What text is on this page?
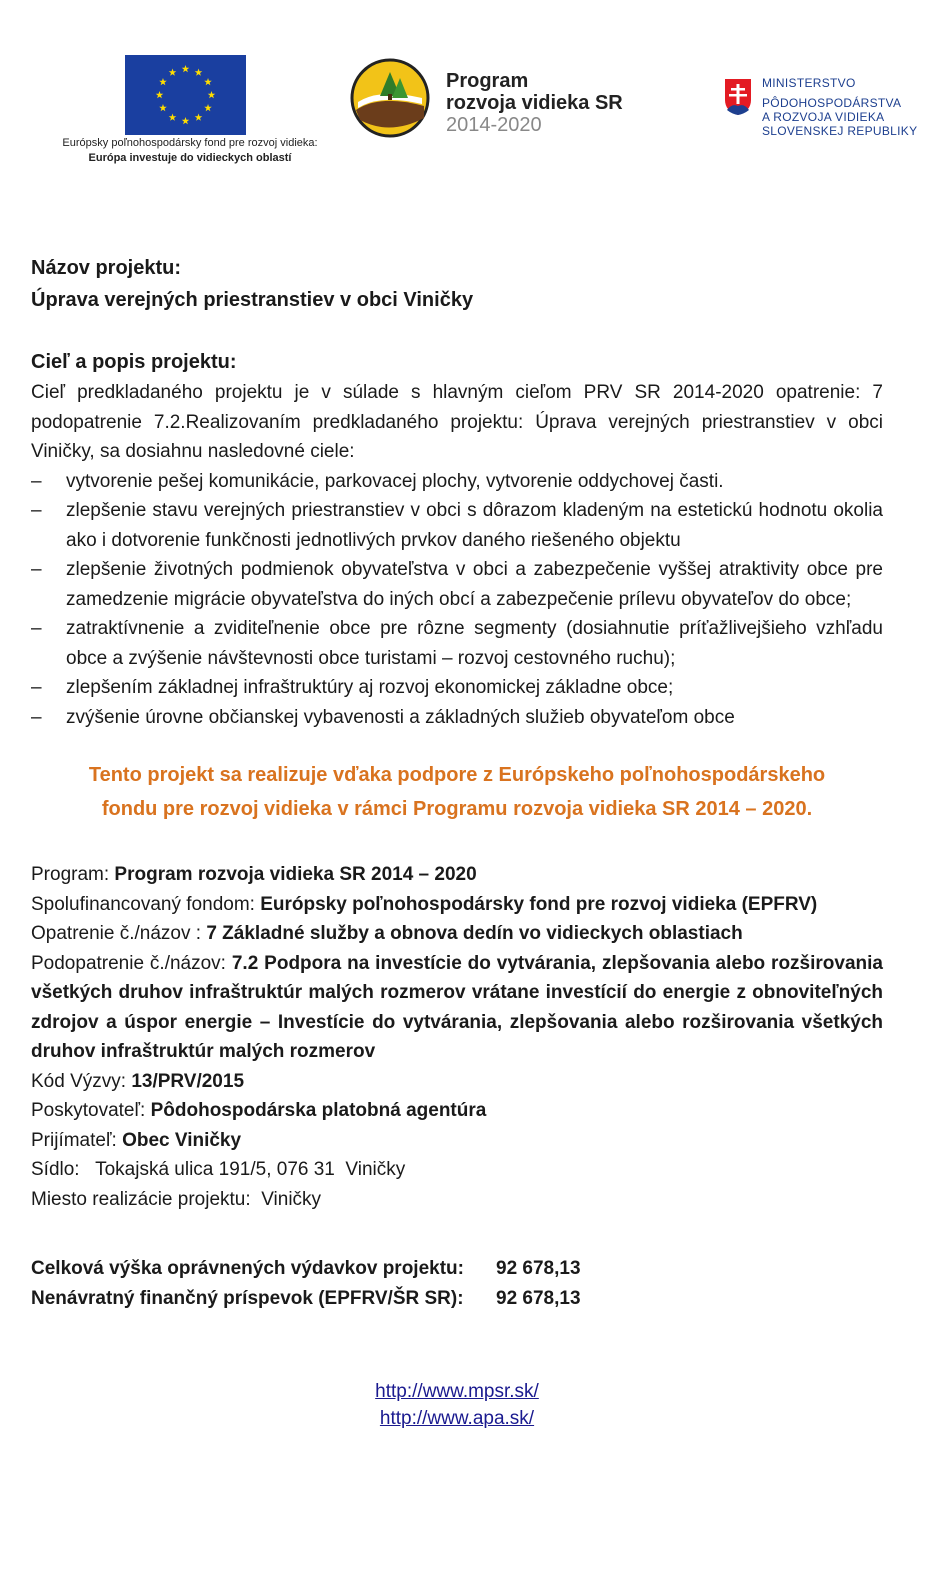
Európsky poľnohospodársky fond pre rozvoj vidieka:
Európa investuje do vidieckych oblastí
Program
rozvoja vidieka SR
2014-2020
MINISTERSTVO
PÔDOHOSPODÁRSTVA
A ROZVOJA VIDIEKA
SLOVENSKEJ REPUBLIKY
Názov projektu:
Úprava verejných priestranstiev v obci Viničky
Cieľ a popis projektu:

Cieľ predkladaného projektu je v súlade s hlavným cieľom PRV SR 2014-2020 opatrenie: 7 podopatrenie 7.2.Realizovaním predkladaného projektu: Úprava verejných priestranstiev v obci Viničky, sa dosiahnu nasledovné ciele:

–	vytvorenie pešej komunikácie, parkovacej plochy, vytvorenie oddychovej časti.
–	zlepšenie stavu verejných priestranstiev v obci s dôrazom kladeným na estetickú hodnotu okolia ako i dotvorenie funkčnosti jednotlivých prvkov daného riešeného objektu
–	zlepšenie životných podmienok obyvateľstva v obci a zabezpečenie vyššej atraktivity obce pre zamedzenie migrácie obyvateľstva do iných obcí a zabezpečenie prílevu obyvateľov do obce;
–	zatraktívnenie a zviditeľnenie obce pre rôzne segmenty (dosiahnutie príťažlivejšieho vzhľadu obce a zvýšenie návštevnosti obce turistami – rozvoj cestovného ruchu);
–	zlepšením základnej infraštruktúry aj rozvoj ekonomickej základne obce;
–	zvýšenie úrovne občianskej vybavenosti a základných služieb obyvateľom obce
Tento projekt sa realizuje vďaka podpore z Európskeho poľnohospodárskeho
fondu pre rozvoj vidieka v rámci Programu rozvoja vidieka SR 2014 – 2020.

Program: Program rozvoja vidieka SR 2014 – 2020

Spolufinancovaný fondom: Európsky poľnohospodársky fond pre rozvoj vidieka (EPFRV)

Opatrenie č./názov : 7 Základné služby a obnova dedín vo vidieckych oblastiach

Podopatrenie č./názov: 7.2 Podpora na investície do vytvárania, zlepšovania alebo rozširovania všetkých druhov infraštruktúr malých rozmerov vrátane investícií do energie z obnoviteľných zdrojov a úspor energie – Investície do vytvárania, zlepšovania alebo rozširovania všetkých druhov infraštruktúr malých rozmerov

Kód Výzvy: 13/PRV/2015

Poskytovateľ: Pôdohospodárska platobná agentúra

Prijímateľ: Obec Viničky

Sídlo:   Tokajská ulica 191/5, 076 31  Viničky

Miesto realizácie projektu:  Viničky

Celková výška oprávnených výdavkov projektu:	92 678,13
Nenávratný finančný príspevok (EPFRV/ŠR SR):	92 678,13
http://www.mpsr.sk/
http://www.apa.sk/
